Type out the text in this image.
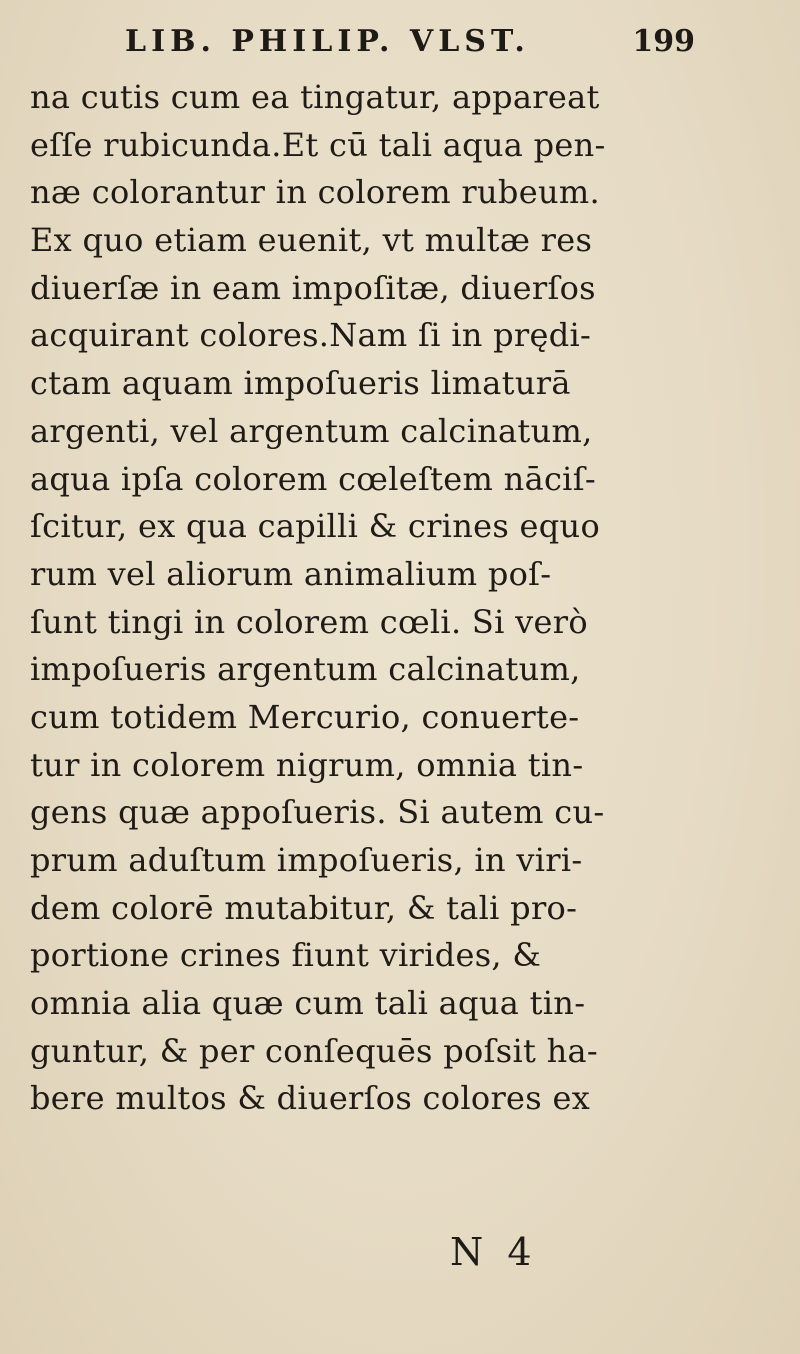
LIB. PHILIP. VLST.	199
na cutis cum ea tingatur, appareat
eſſe rubicunda.Et cū tali aqua pen-
næ colorantur in colorem rubeum.
Ex quo etiam euenit, vt multæ res
diuerſæ in eam impoſitæ, diuerſos
acquirant colores.Nam ſi in prędi-
ctam aquam impoſueris limaturā
argenti, vel argentum calcinatum,
aqua ipſa colorem cœleſtem nāciſ-
ſcitur, ex qua capilli & crines equo
rum vel aliorum animalium poſ-
ſunt tingi in colorem cœli. Si verò
impoſueris argentum calcinatum,
cum totidem Mercurio, conuerte-
tur in colorem nigrum, omnia tin-
gens quæ appoſueris. Si autem cu-
prum aduſtum impoſueris, in viri-
dem colorē mutabitur, & tali pro-
portione crines fiunt virides, &
omnia alia quæ cum tali aqua tin-
guntur, & per conſequēs poſsit ha-
bere multos & diuerſos colores ex
N 4
